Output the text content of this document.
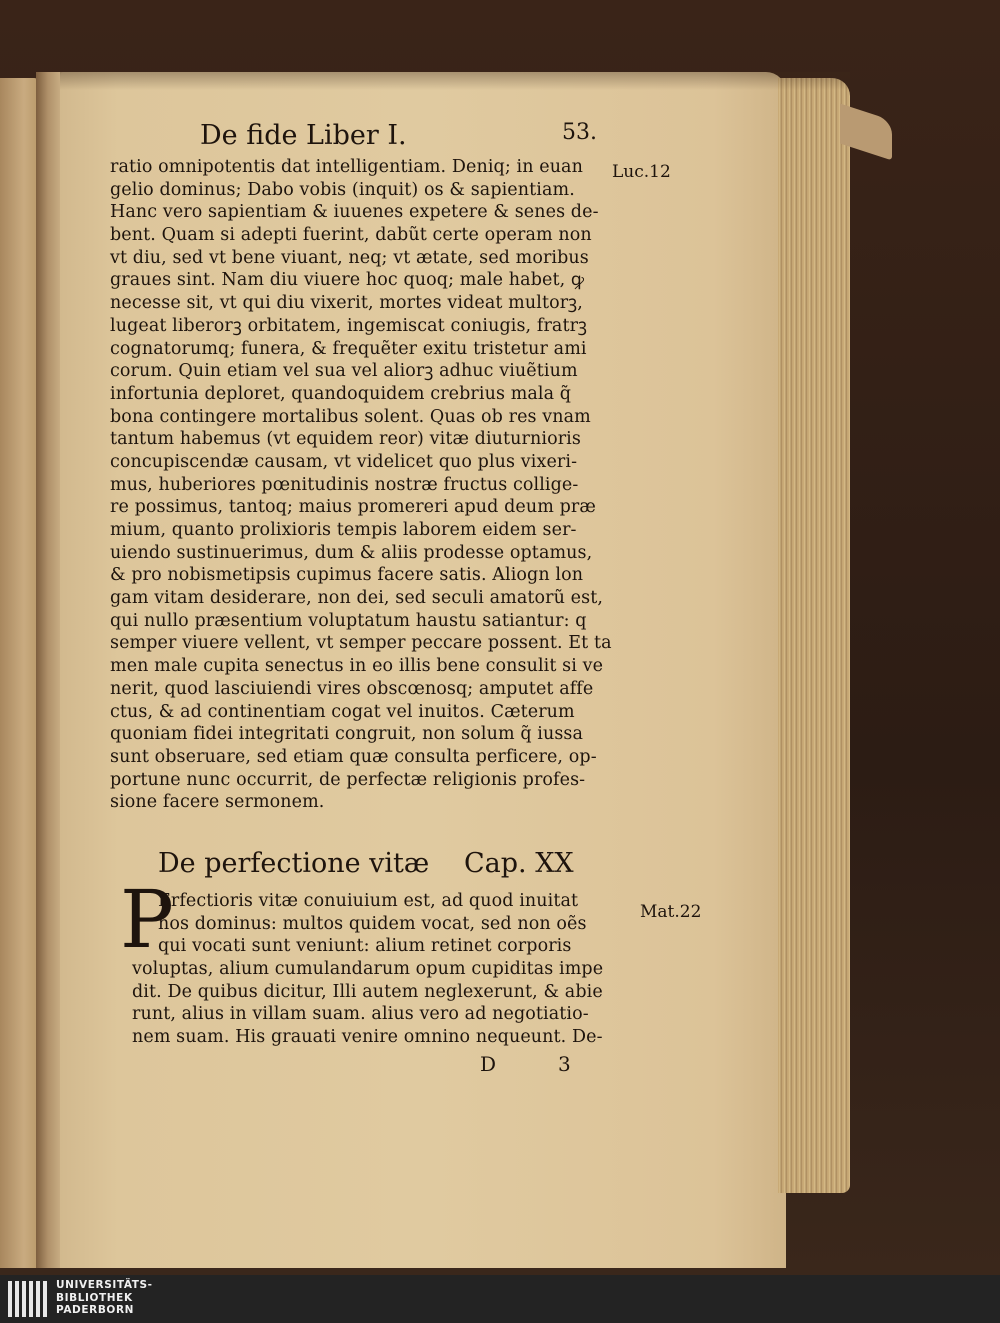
De fide Liber I.	53.
Luc.12
Mat.22
ratio omnipotentis dat intelligentiam. Deniq; in euan
gelio dominus; Dabo vobis (inquit) os & sapientiam.
Hanc vero sapientiam & iuuenes expetere & senes de-
bent. Quam si adepti fuerint, dabũt certe operam non
vt diu, sed vt bene viuant, neq; vt ætate, sed moribus
graues sint. Nam diu viuere hoc quoq; male habet, ꝙ
necesse sit, vt qui diu vixerit, mortes videat multorꝫ,
lugeat liberorꝫ orbitatem, ingemiscat coniugis, fratrꝫ
cognatorumq; funera, & frequẽter exitu tristetur ami
corum. Quin etiam vel sua vel aliorꝫ adhuc viuẽtium
infortunia deploret, quandoquidem crebrius mala q̃
bona contingere mortalibus solent. Quas ob res vnam
tantum habemus (vt equidem reor) vitæ diuturnioris
concupiscendæ causam, vt videlicet quo plus vixeri-
mus, huberiores pœnitudinis nostræ fructus collige-
re possimus, tantoq; maius promereri apud deum præ
mium, quanto prolixioris tempis laborem eidem ser-
uiendo sustinuerimus, dum & aliis prodesse optamus,
& pro nobismetipsis cupimus facere satis. Aliogn lon
gam vitam desiderare, non dei, sed seculi amatorũ est,
qui nullo præsentium voluptatum haustu satiantur: q
semper viuere vellent, vt semper peccare possent. Et ta
men male cupita senectus in eo illis bene consulit si ve
nerit, quod lasciuiendi vires obscœnosq; amputet affe
ctus, & ad continentiam cogat vel inuitos. Cæterum
quoniam fidei integritati congruit, non solum q̃ iussa
sunt obseruare, sed etiam quæ consulta perficere, op-
portune nunc occurrit, de perfectæ religionis profes-
sione facere sermonem.
De perfectione vitæ Cap. XX
P
Erfectioris vitæ conuiuium est, ad quod inuitat
nos dominus: multos quidem vocat, sed non oẽs
qui vocati sunt veniunt: alium retinet corporis
voluptas, alium cumulandarum opum cupiditas impe
dit. De quibus dicitur, Illi autem neglexerunt, & abie
runt, alius in villam suam. alius vero ad negotiatio-
nem suam. His grauati venire omnino nequeunt. De-
D	3
UNIVERSITÄTS-
BIBLIOTHEK
PADERBORN
